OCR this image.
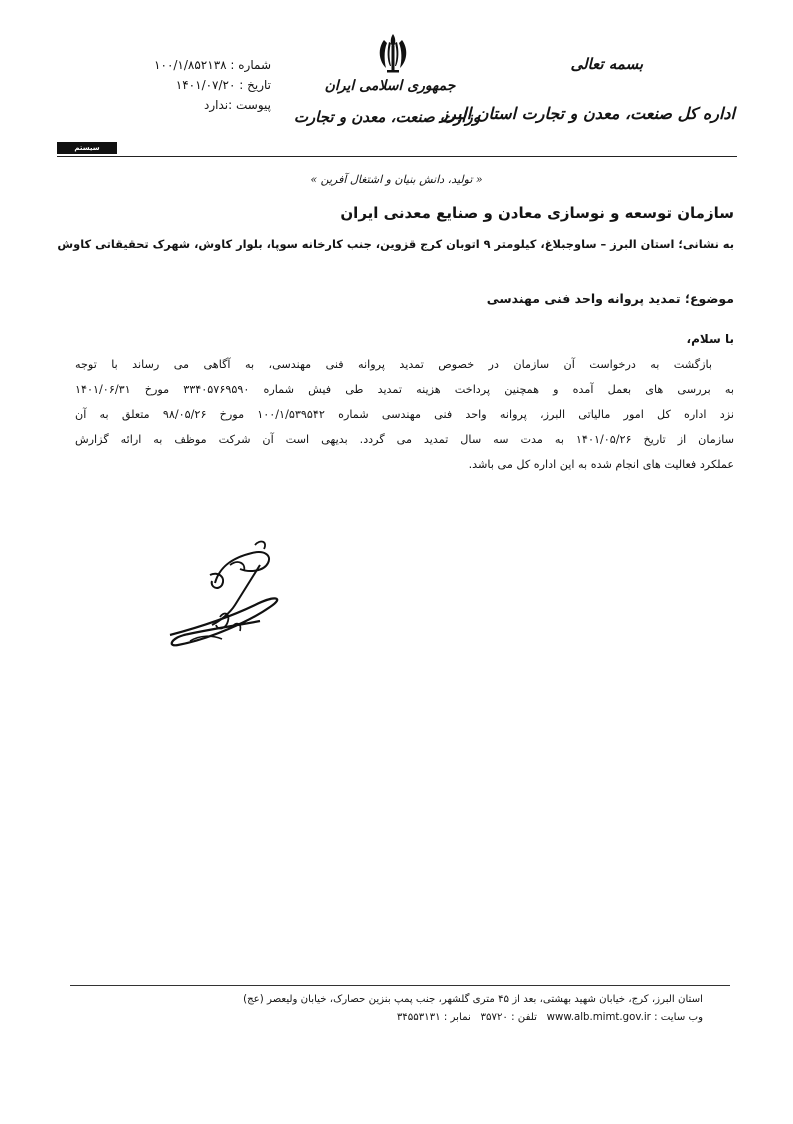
بسمه تعالی
اداره کل صنعت، معدن و تجارت استان البرز
جمهوری اسلامی ایران
وزارت صنعت، معدن و تجارت
شماره : ۱۰۰/۱/۸۵۲۱۳۸
تاریخ : ۱۴۰۱/۰۷/۲۰
پیوست :ندارد
سیستم اتوماسیون
« تولید، دانش بنیان و اشتغال آفرین »
سازمان توسعه و نوسازی معادن و صنایع معدنی ایران
به نشانی؛ استان البرز – ساوجبلاغ، کیلومتر ۹ اتوبان کرج قزوین، جنب کارخانه سوپا، بلوار کاوش، شهرک تحقیقاتی کاوش
موضوع؛ تمدید پروانه واحد فنی مهندسی
با سلام،
بازگشت به درخواست آن سازمان در خصوص تمدید پروانه فنی مهندسی، به آگاهی می رساند با توجه
به بررسی های بعمل آمده و همچنین پرداخت هزینه تمدید طی فیش شماره ۳۳۴۰۵۷۶۹۵۹۰ مورخ ۱۴۰۱/۰۶/۳۱
نزد اداره کل امور مالیاتی البرز، پروانه واحد فنی مهندسی شماره ۱۰۰/۱/۵۳۹۵۴۲ مورخ ۹۸/۰۵/۲۶ متعلق به آن
سازمان از تاریخ ۱۴۰۱/۰۵/۲۶ به مدت سه سال تمدید می گردد. بدیهی است آن شرکت موظف به ارائه گزارش
عملکرد فعالیت های انجام شده به این اداره کل می باشد.
استان البرز، کرج، خیابان شهید بهشتی، بعد از ۴۵ متری گلشهر، جنب پمپ بنزین حصارک، خیابان ولیعصر (عج)
وب سایت : www.alb.mimt.gov.ir   تلفن : ۳۵۷۲۰   نمابر : ۳۴۵۵۳۱۳۱
